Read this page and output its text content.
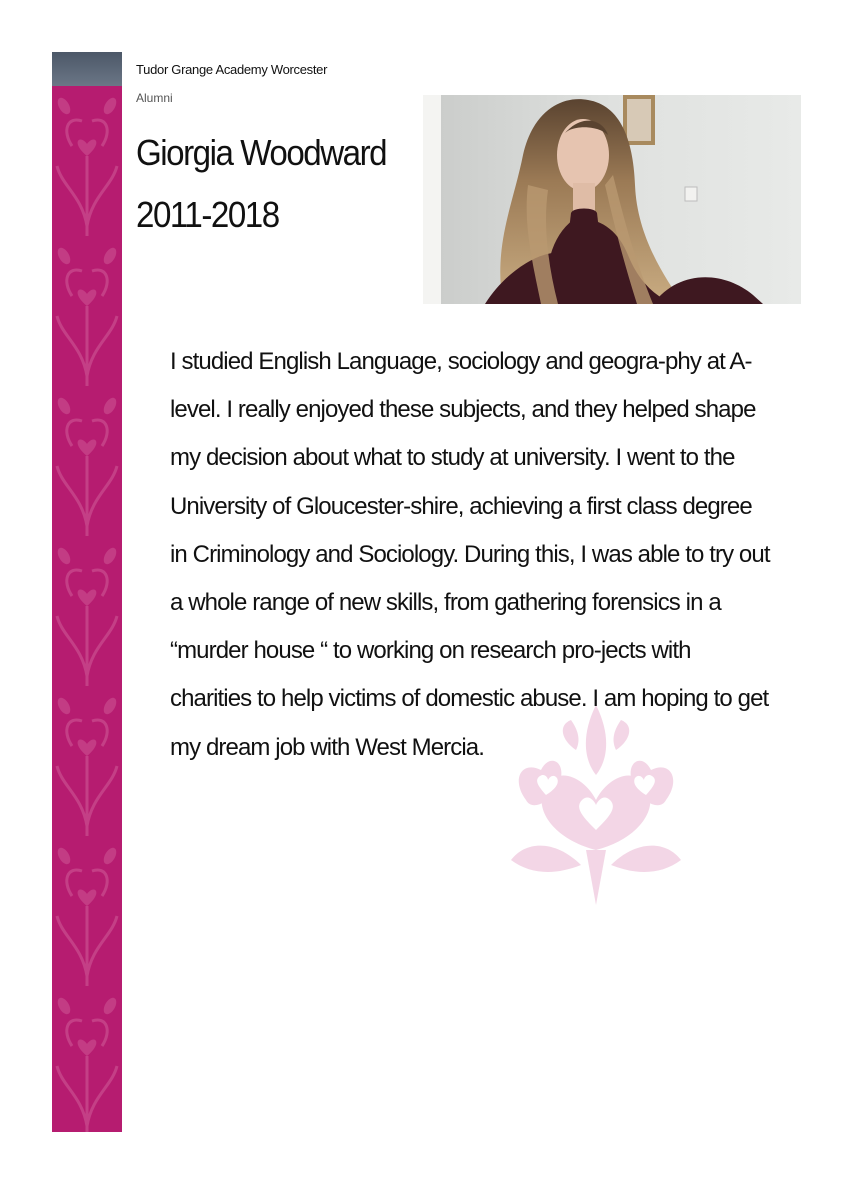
Tudor Grange Academy Worcester
Alumni
Giorgia Woodward
2011-2018

I studied English Language, sociology and geogra-phy at A-level. I really enjoyed these subjects, and they helped shape my decision about what to study at university. I went to the University of Gloucester-shire, achieving a first class degree in Criminology and Sociology. During this, I was able to try out a whole range of new skills, from gathering forensics in a “murder house “ to working on research pro-jects with charities to help victims of domestic abuse. I am hoping to get my dream job with West Mercia.
